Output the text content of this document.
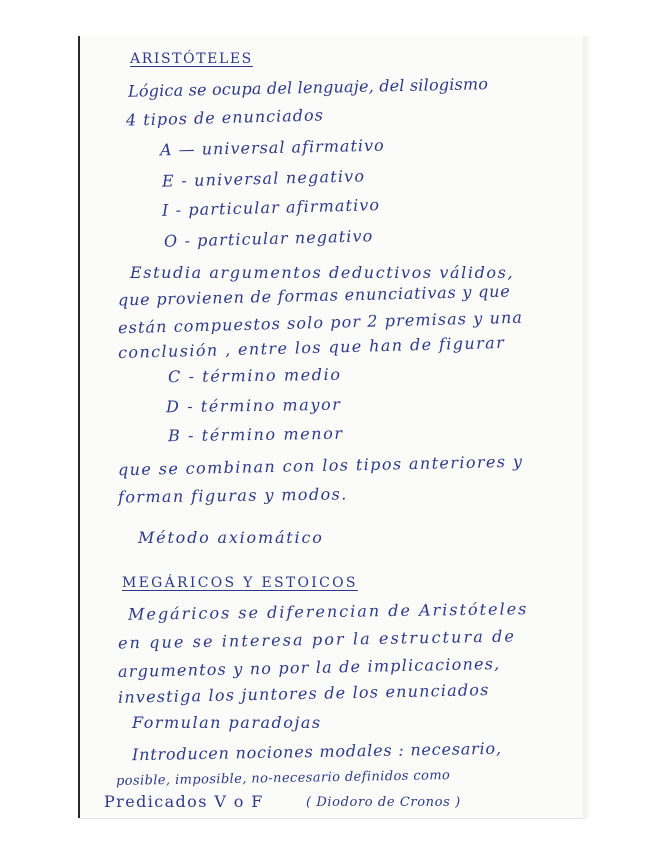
ARISTÓTELES
Lógica se ocupa del lenguaje, del silogismo
4 tipos de enunciados
A — universal afirmativo
E - universal negativo
I - particular afirmativo
O - particular negativo
Estudia argumentos deductivos válidos,
que provienen de formas enunciativas y que
están compuestos solo por 2 premisas y una
conclusión , entre los que han de figurar
C - término medio
D - término mayor
B - término menor
que se combinan con los tipos anteriores y
forman figuras y modos.
Método axiomático
MEGÁRICOS Y ESTOICOS
Megáricos se diferencian de Aristóteles
en que se interesa por la estructura de
argumentos y no por la de implicaciones,
investiga los juntores de los enunciados
Formulan paradojas
Introducen nociones modales : necesario,
posible, imposible, no-necesario definidos como
Predicados V o F	( Diodoro de Cronos )
